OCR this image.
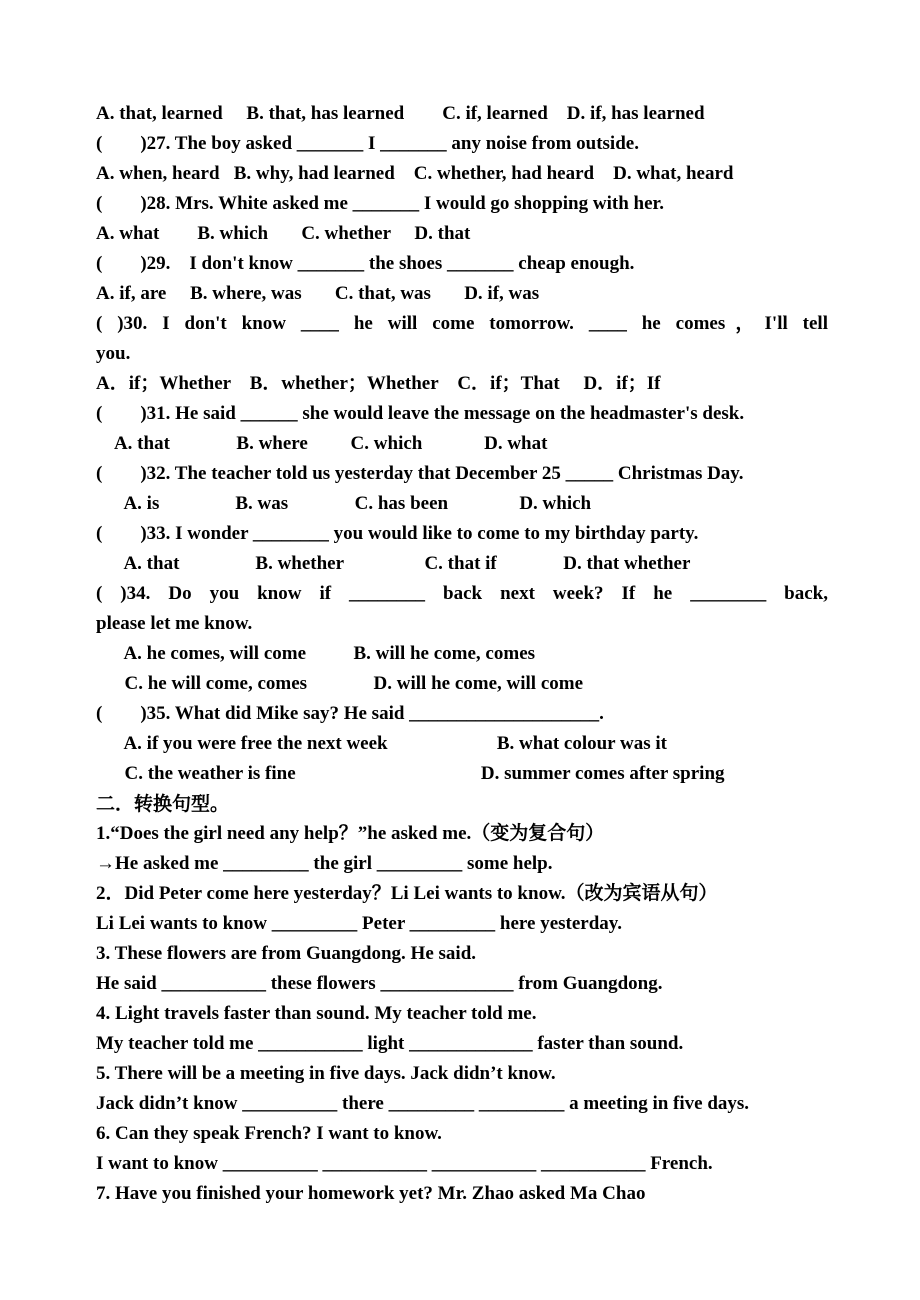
A. that, learned     B. that, has learned        C. if, learned    D. if, has learned
(        )27. The boy asked _______ I _______ any noise from outside.
A. when, heard   B. why, had learned    C. whether, had heard    D. what, heard
(        )28. Mrs. White asked me _______ I would go shopping with her.
A. what        B. which       C. whether     D. that
(        )29.    I don't know _______ the shoes _______ cheap enough.
A. if, are     B. where, was       C. that, was       D. if, was
( )30. I don't know ____ he will come tomorrow. ____ he comes，I'll tell
you.
A．if；Whether    B．whether；Whether    C．if；That     D．if；If
(        )31. He said ______ she would leave the message on the headmaster's desk.
A. that              B. where         C. which             D. what
(        )32. The teacher told us yesterday that December 25 _____ Christmas Day.
A. is                B. was              C. has been               D. which
(        )33. I wonder ________ you would like to come to my birthday party.
A. that                B. whether                 C. that if              D. that whether
( )34. Do you know if ________ back next week? If he ________ back,
please let me know.
A. he comes, will come          B. will he come, comes
C. he will come, comes              D. will he come, will come
(        )35. What did Mike say? He said ____________________.
A. if you were free the next week                       B. what colour was it
C. the weather is fine                                       D. summer comes after spring
二．转换句型。
1.“Does the girl need any help？”he asked me.（变为复合句）
→He asked me _________ the girl _________ some help.
2．Did Peter come here yesterday？Li Lei wants to know.（改为宾语从句）
Li Lei wants to know _________ Peter _________ here yesterday.
3. These flowers are from Guangdong. He said.
He said ___________ these flowers ______________ from Guangdong.
4. Light travels faster than sound. My teacher told me.
My teacher told me ___________ light _____________ faster than sound.
5. There will be a meeting in five days. Jack didn’t know.
Jack didn’t know __________ there _________ _________ a meeting in five days.
6. Can they speak French? I want to know.
I want to know __________ ___________ ___________ ___________ French.
7. Have you finished your homework yet? Mr. Zhao asked Ma Chao
